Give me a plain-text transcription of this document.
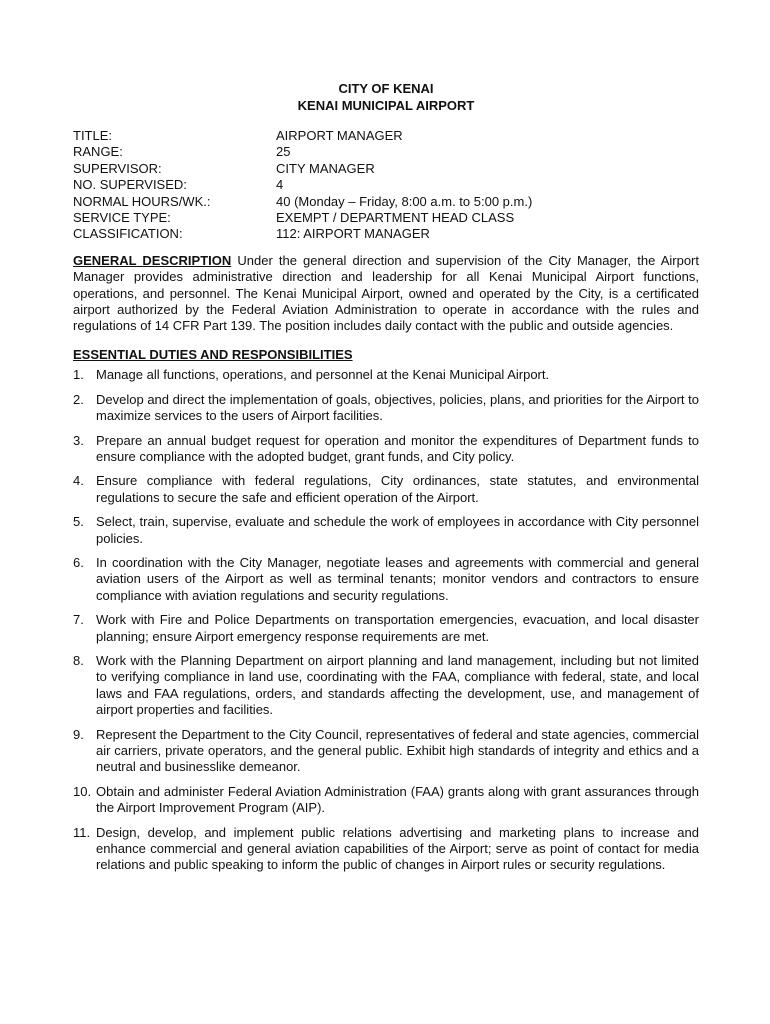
CITY OF KENAI
KENAI MUNICIPAL AIRPORT
TITLE:	AIRPORT MANAGER
RANGE:	25
SUPERVISOR:	CITY MANAGER
NO. SUPERVISED:	4
NORMAL HOURS/WK.:	40 (Monday – Friday, 8:00 a.m. to 5:00 p.m.)
SERVICE TYPE:	EXEMPT / DEPARTMENT HEAD CLASS
CLASSIFICATION:	112: AIRPORT MANAGER
GENERAL DESCRIPTION Under the general direction and supervision of the City Manager, the Airport Manager provides administrative direction and leadership for all Kenai Municipal Airport functions, operations, and personnel. The Kenai Municipal Airport, owned and operated by the City, is a certificated airport authorized by the Federal Aviation Administration to operate in accordance with the rules and regulations of 14 CFR Part 139. The position includes daily contact with the public and outside agencies.
ESSENTIAL DUTIES AND RESPONSIBILITIES
1. Manage all functions, operations, and personnel at the Kenai Municipal Airport.
2. Develop and direct the implementation of goals, objectives, policies, plans, and priorities for the Airport to maximize services to the users of Airport facilities.
3. Prepare an annual budget request for operation and monitor the expenditures of Department funds to ensure compliance with the adopted budget, grant funds, and City policy.
4. Ensure compliance with federal regulations, City ordinances, state statutes, and environmental regulations to secure the safe and efficient operation of the Airport.
5. Select, train, supervise, evaluate and schedule the work of employees in accordance with City personnel policies.
6. In coordination with the City Manager, negotiate leases and agreements with commercial and general aviation users of the Airport as well as terminal tenants; monitor vendors and contractors to ensure compliance with aviation regulations and security regulations.
7. Work with Fire and Police Departments on transportation emergencies, evacuation, and local disaster planning; ensure Airport emergency response requirements are met.
8. Work with the Planning Department on airport planning and land management, including but not limited to verifying compliance in land use, coordinating with the FAA, compliance with federal, state, and local laws and FAA regulations, orders, and standards affecting the development, use, and management of airport properties and facilities.
9. Represent the Department to the City Council, representatives of federal and state agencies, commercial air carriers, private operators, and the general public. Exhibit high standards of integrity and ethics and a neutral and businesslike demeanor.
10. Obtain and administer Federal Aviation Administration (FAA) grants along with grant assurances through the Airport Improvement Program (AIP).
11. Design, develop, and implement public relations advertising and marketing plans to increase and enhance commercial and general aviation capabilities of the Airport; serve as point of contact for media relations and public speaking to inform the public of changes in Airport rules or security regulations.
